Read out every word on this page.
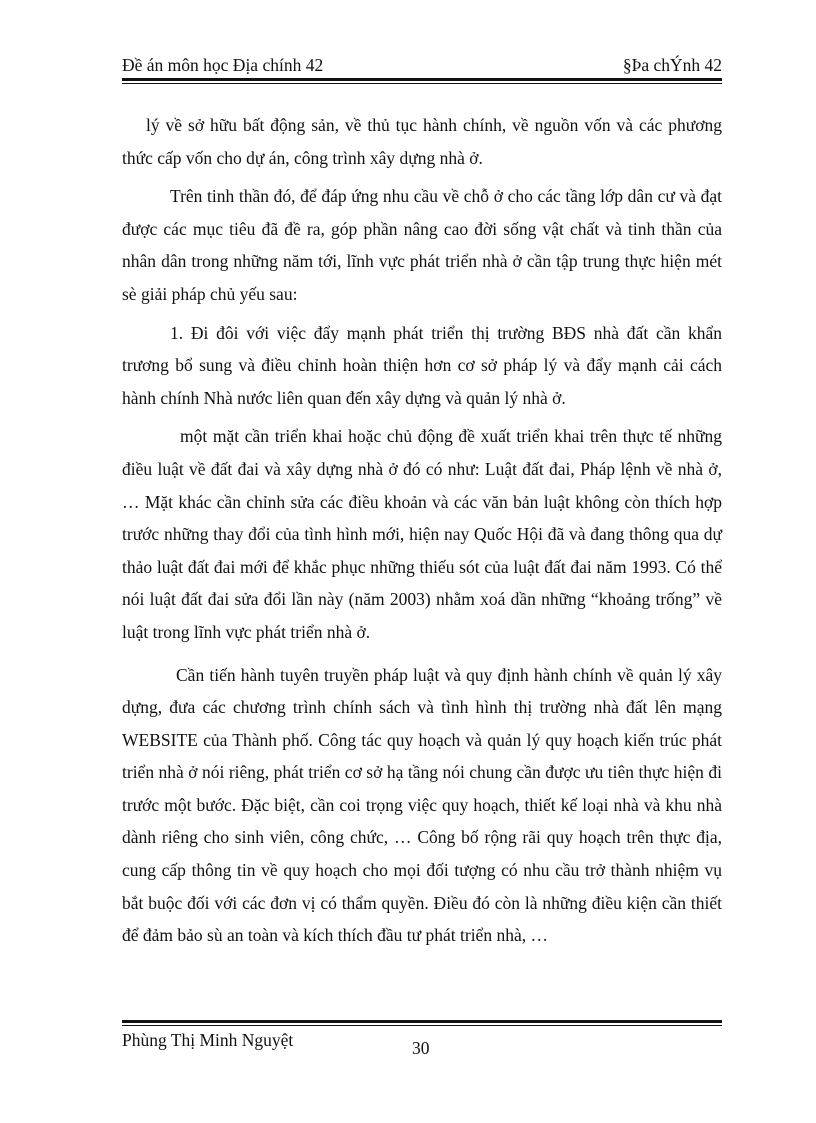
Đề án môn học Địa chính 42	§Þa chÝnh 42

lý về sở hữu bất động sản, về thủ tục hành chính, về nguồn vốn và các phương thức cấp vốn cho dự án, công trình xây dựng nhà ở.

Trên tinh thần đó, để đáp ứng nhu cầu về chỗ ở cho các tầng lớp dân cư và đạt được các mục tiêu đã đề ra, góp phần nâng cao đời sống vật chất và tinh thần của nhân dân trong những năm tới, lĩnh vực phát triển nhà ở cần tập trung thực hiện mét sè giải pháp chủ yếu sau:

1. Đi đôi với việc đẩy mạnh phát triển thị trường BĐS nhà đất cần khẩn trương bổ sung và điều chỉnh hoàn thiện hơn cơ sở pháp lý và đẩy mạnh cải cách hành chính Nhà nước liên quan đến xây dựng và quản lý nhà ở.

một mặt cần triển khai hoặc chủ động đề xuất triển khai trên thực tế những điều luật về đất đai và xây dựng nhà ở đó có như: Luật đất đai, Pháp lệnh về nhà ở, … Mặt khác cần chỉnh sửa các điều khoản và các văn bản luật không còn thích hợp trước những thay đổi của tình hình mới, hiện nay Quốc Hội đã và đang thông qua dự thảo luật đất đai mới để khắc phục những thiếu sót của luật đất đai năm 1993. Có thể nói luật đất đai sửa đổi lần này (năm 2003) nhằm xoá dần những “khoảng trống” về luật trong lĩnh vực phát triển nhà ở.

Cần tiến hành tuyên truyền pháp luật và quy định hành chính về quản lý xây dựng, đưa các chương trình chính sách và tình hình thị trường nhà đất lên mạng WEBSITE của Thành phố. Công tác quy hoạch và quản lý quy hoạch kiến trúc phát triển nhà ở nói riêng, phát triển cơ sở hạ tầng nói chung cần được ưu tiên thực hiện đi trước một bước. Đặc biệt, cần coi trọng việc quy hoạch, thiết kế loại nhà và khu nhà dành riêng cho sinh viên, công chức, … Công bố rộng rãi quy hoạch trên thực địa, cung cấp thông tin về quy hoạch cho mọi đối tượng có nhu cầu trở thành nhiệm vụ bắt buộc đối với các đơn vị có thẩm quyền. Điều đó còn là những điều kiện cần thiết để đảm bảo sù an toàn và kích thích đầu tư phát triển nhà, …

Phùng Thị Minh Nguyệt	30
